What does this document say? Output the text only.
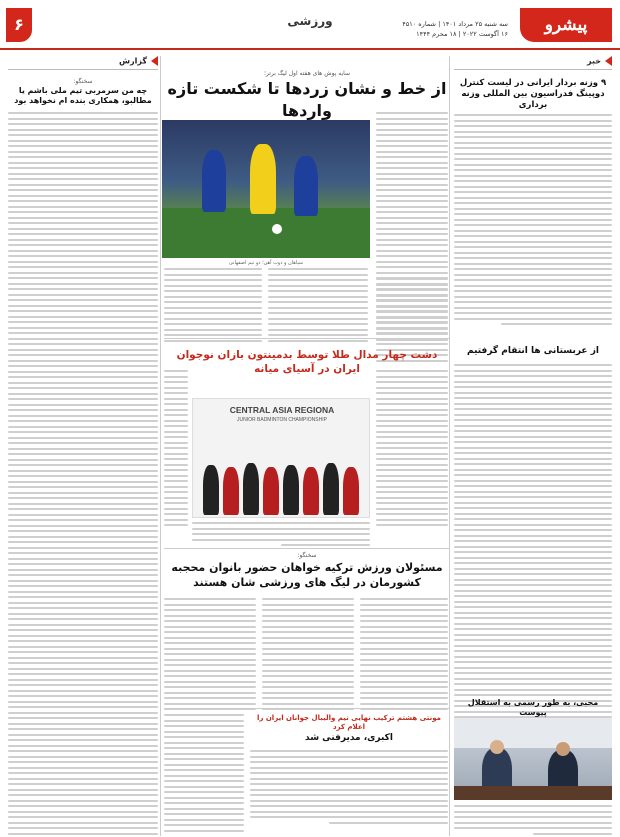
پیشرو
سه شنبه ۲۵ مرداد ۱۴۰۱ | شماره ۴۵۱۰
۱۶ آگوست ۲۰۲۲ | ۱۸ محرم ۱۴۴۴
ورزشی
۶
خبر
گزارش
۹ وزنه بردار ایرانی در لیست کنترل دوپینگ فدراسیون بین المللی وزنه برداری
از عربستانی ها انتقام گرفتیم
محبی، به طور رسمی به استقلال پیوست
سایه پوش های هفته اول لیگ برتر؛
از خط و نشان زردها تا شکست تازه واردها
سپاهان و ذوب آهن؛ دو تیم اصفهانی
دشت چهار مدال طلا توسط بدمینتون بازان نوجوان ایران در آسیای میانه
CENTRAL ASIA REGIONA
JUNIOR BADMINTON CHAMPIONSHIP
سخنگو:
مسئولان ورزش ترکیه خواهان حضور بانوان محجبه کشورمان در لیگ های ورزشی شان هستند
مونتی هشتم ترکیب نهایی تیم والیبال جوانان ایران را اعلام کرد
اکبری، مدیرفنی شد
سخنگو:
چه من سرمربی تیم ملی باشم یا مطالبو، همکاری بنده ام نخواهد بود
